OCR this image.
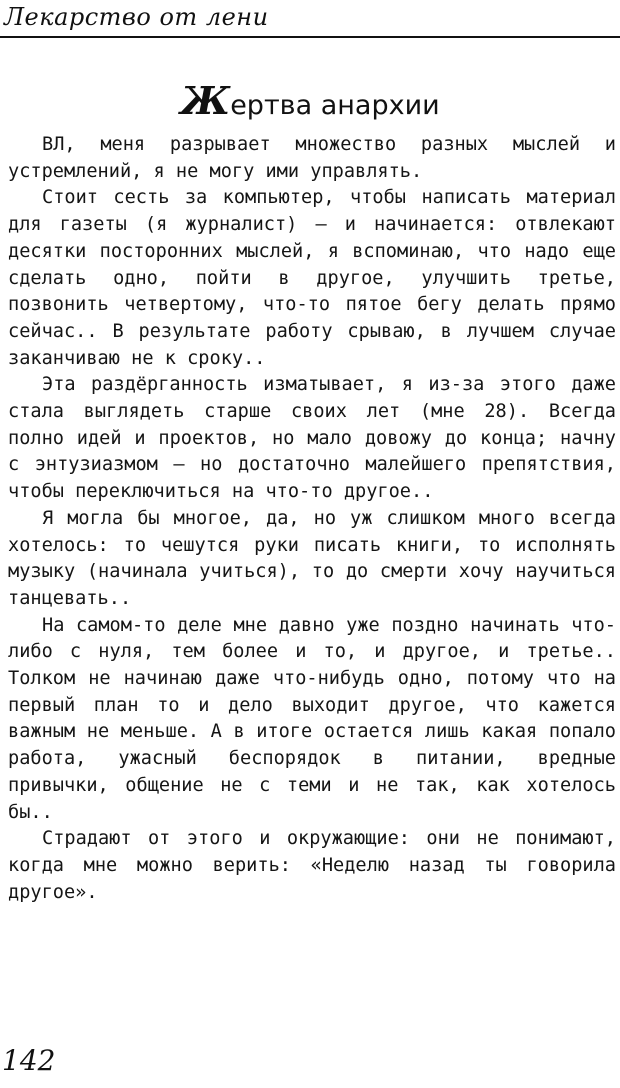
Лекарство от лени
Жертва анархии

ВЛ, меня разрывает множество разных мыслей и устремлений, я не могу ими управлять.

Стоит сесть за компьютер, чтобы написать материал для газеты (я журналист) — и начинается: отвлекают десятки посторонних мыслей, я вспоминаю, что надо еще сделать одно, пойти в другое, улучшить третье, позвонить четвертому, что-то пятое бегу делать прямо сейчас.. В результате работу срываю, в лучшем случае заканчиваю не к сроку..

Эта раздёрганность изматывает, я из-за этого даже стала выглядеть старше своих лет (мне 28). Всегда полно идей и проектов, но мало довожу до конца; начну с энтузиазмом — но достаточно малейшего препятствия, чтобы переключиться на что-то другое..

Я могла бы многое, да, но уж слишком много всегда хотелось: то чешутся руки писать книги, то исполнять музыку (начинала учиться), то до смерти хочу научиться танцевать..

На самом-то деле мне давно уже поздно начинать что-либо с нуля, тем более и то, и другое, и третье.. Толком не начинаю даже что-нибудь одно, потому что на первый план то и дело выходит другое, что кажется важным не меньше. А в итоге остается лишь какая попало работа, ужасный беспорядок в питании, вредные привычки, общение не с теми и не так, как хотелось бы..

Страдают от этого и окружающие: они не понимают, когда мне можно верить: «Неделю назад ты говорила другое».

142
